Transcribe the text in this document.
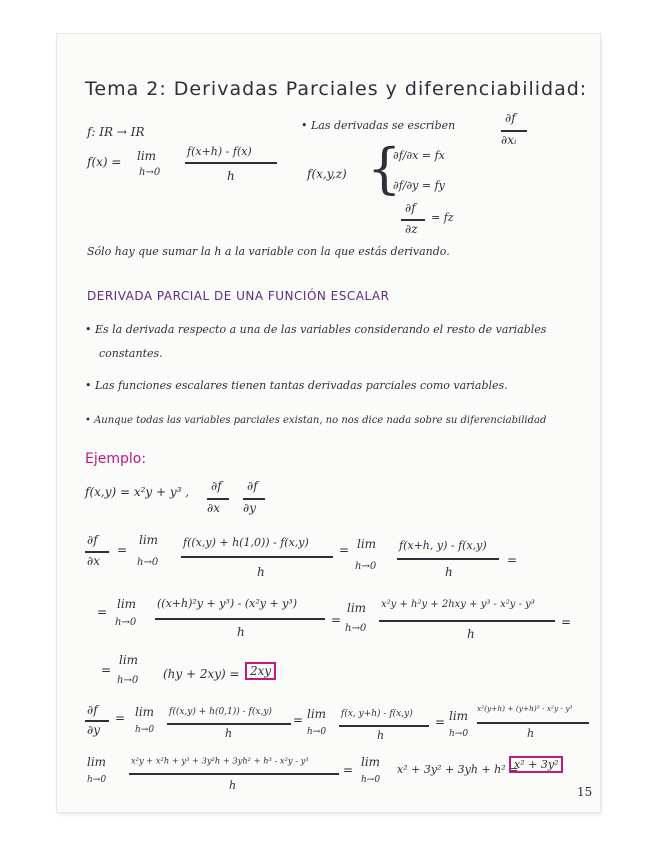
Tema 2: Derivadas Parciales y diferenciabilidad:
f: IR → IR
f(x) = lim
h→0
f(x+h) - f(x)
h
• Las derivadas se escriben
∂f
∂xᵢ
f(x,y,z) {
∂f/∂x = fx
∂f/∂y = fy
∂f
∂z
= fz
Sólo hay que sumar la h a la variable con la que estás derivando.
DERIVADA PARCIAL DE UNA FUNCIÓN ESCALAR
• Es la derivada respecto a una de las variables considerando el resto de variables
constantes.
• Las funciones escalares tienen tantas derivadas parciales como variables.
• Aunque todas las variables parciales existan, no nos dice nada sobre su diferenciabilidad
Ejemplo:
f(x,y) = x²y + y³ , ∂f
∂x
∂f
∂y
∂f
∂x
=
lim
h→0
f((x,y) + h(1,0)) - f(x,y)
h
= lim
h→0
f(x+h, y) - f(x,y)
h
=
=
lim
h→0
((x+h)²y + y³) - (x²y + y³)
h
=
lim
h→0
x²y + h²y + 2hxy + y³ - x²y - y³
h
=
=
lim
h→0 (hy + 2xy) = 2xy
∂f
∂y
= lim
h→0
f((x,y) + h(0,1)) - f(x,y)
h
= lim
h→0
f(x, y+h) - f(x,y)
h
= lim
h→0
x²(y+h) + (y+h)³ - x²y - y³
h
lim
h→0
x²y + x²h + y³ + 3y²h + 3yh² + h³ - x²y - y³
h
=
lim
h→0
x² + 3y² + 3yh + h² =
x² + 3y²
15
